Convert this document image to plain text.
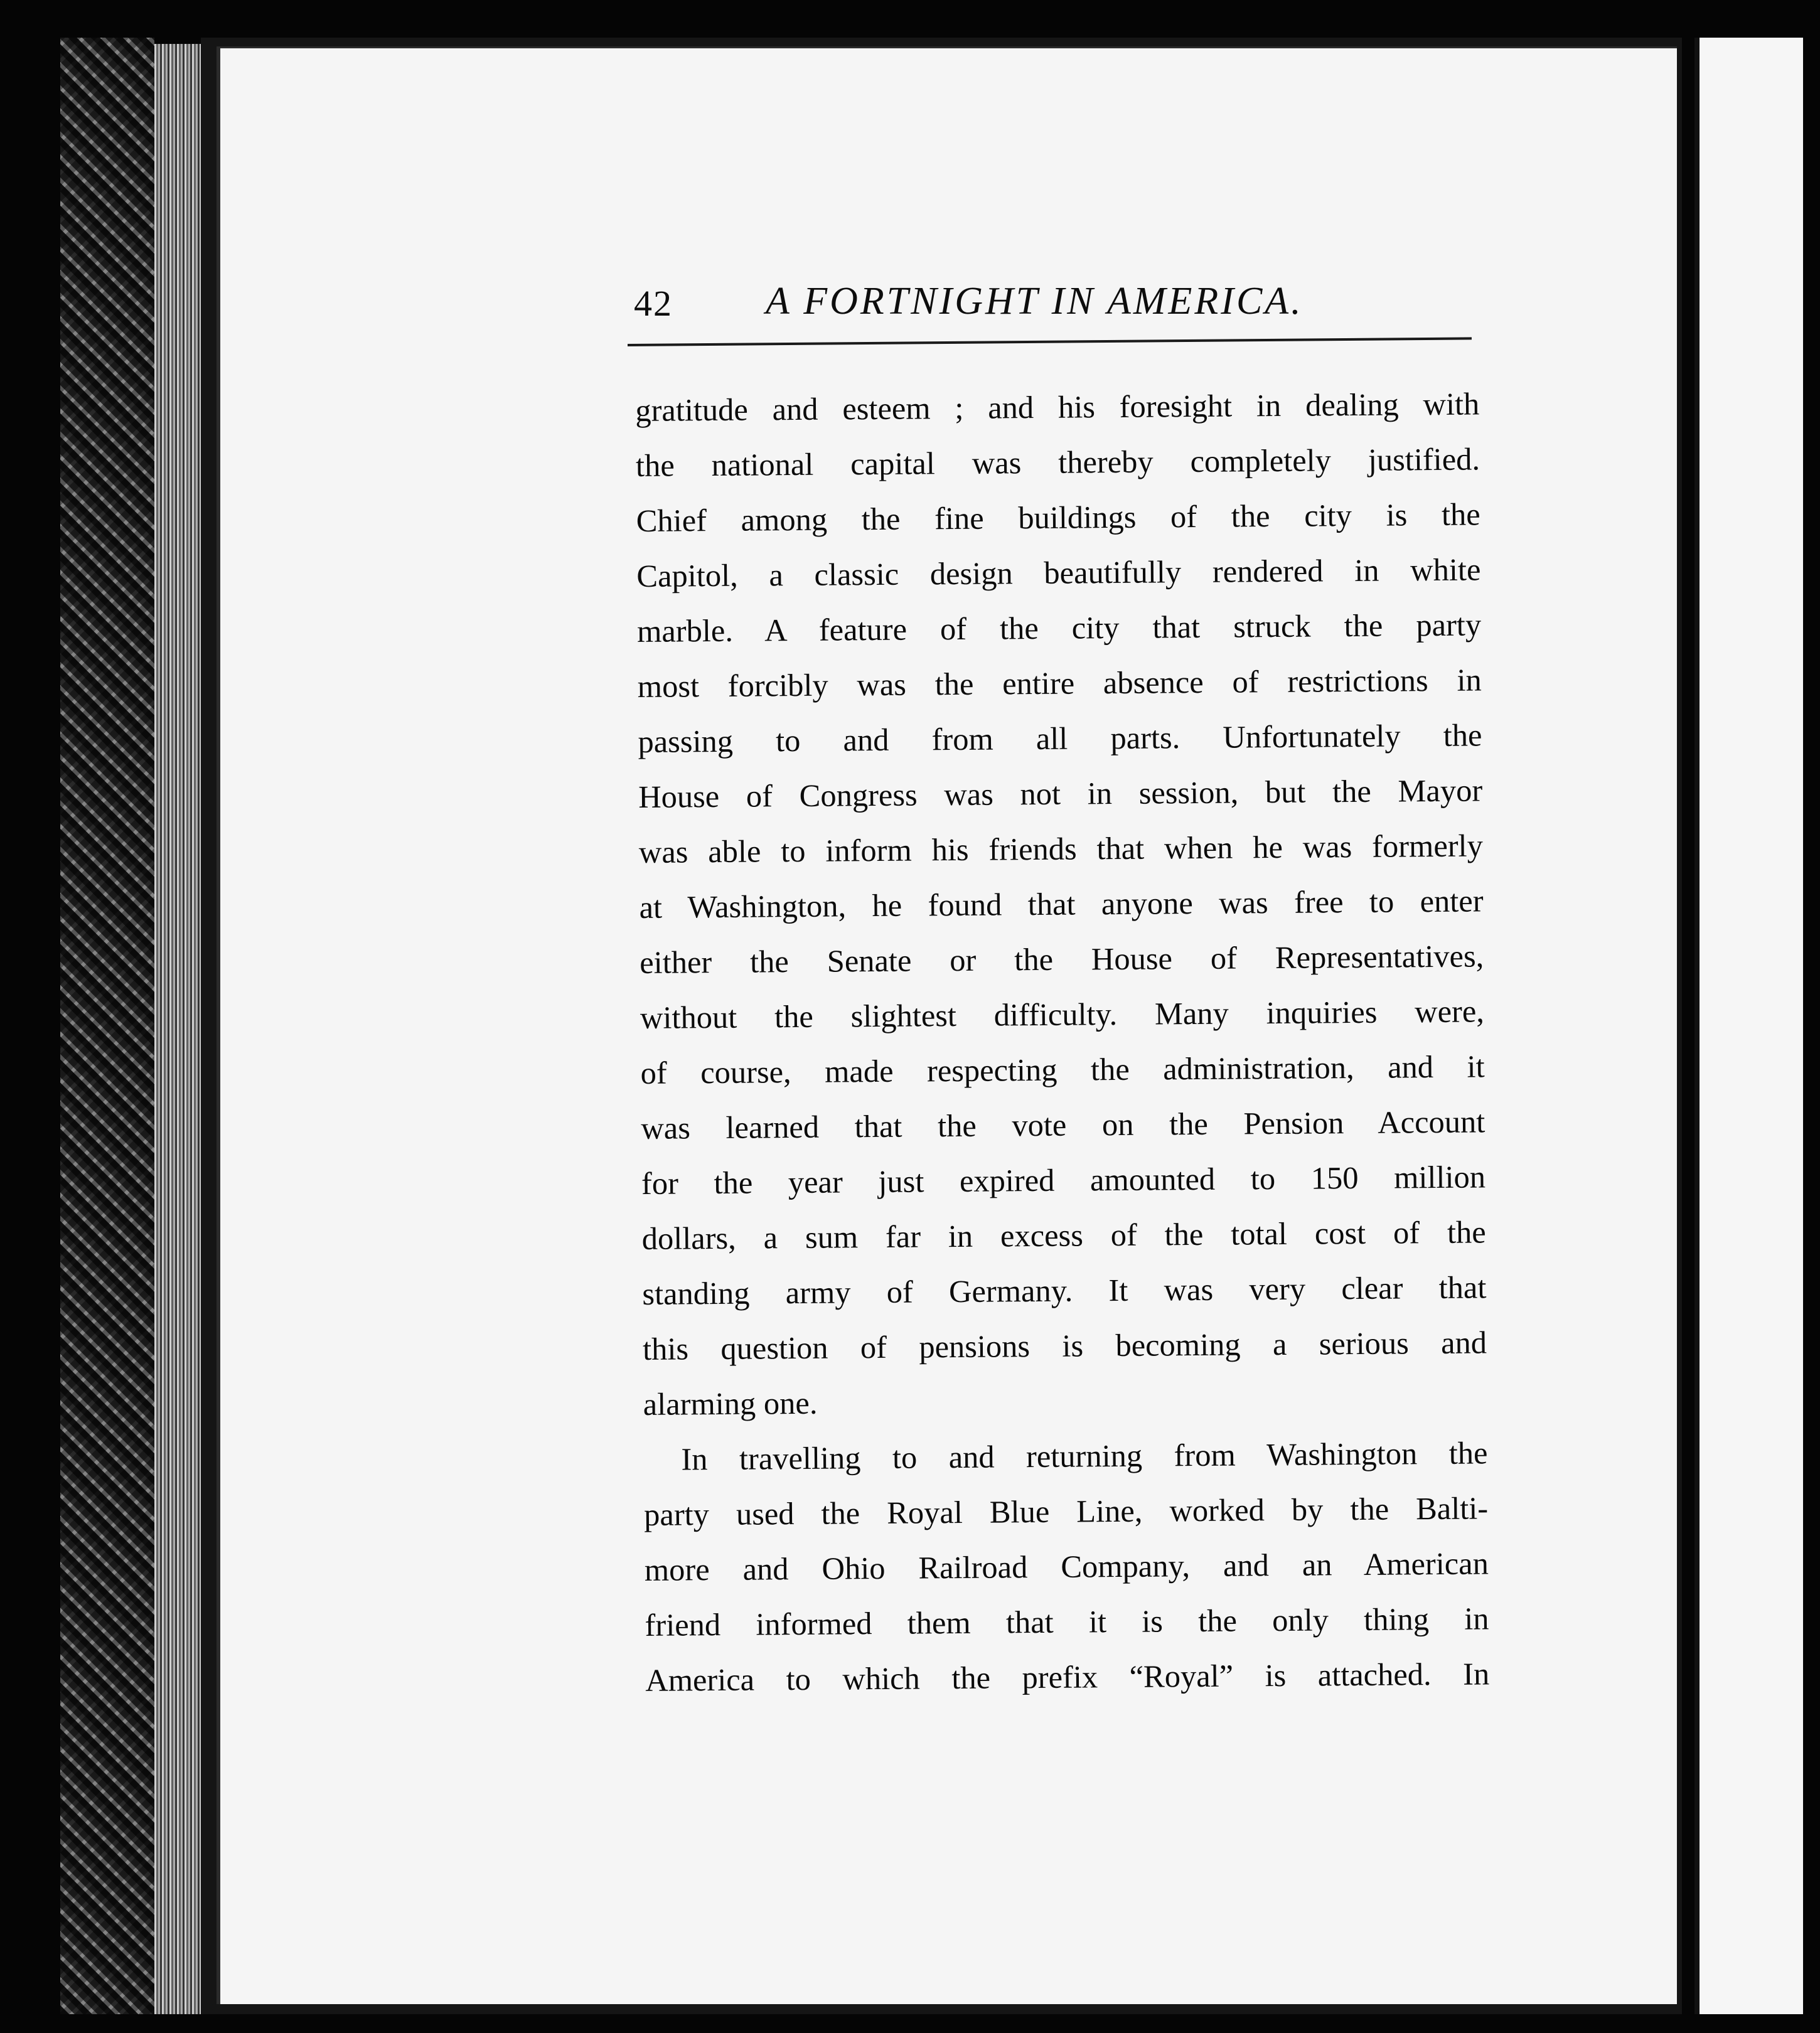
42 A FORTNIGHT IN AMERICA.
gratitude and esteem ; and his foresight in dealing with
the national capital was thereby completely justified.
Chief among the fine buildings of the city is the
Capitol, a classic design beautifully rendered in white
marble. A feature of the city that struck the party
most forcibly was the entire absence of restrictions in
passing to and from all parts. Unfortunately the
House of Congress was not in session, but the Mayor
was able to inform his friends that when he was formerly
at Washington, he found that anyone was free to enter
either the Senate or the House of Representatives,
without the slightest difficulty. Many inquiries were,
of course, made respecting the administration, and it
was learned that the vote on the Pension Account
for the year just expired amounted to 150 million
dollars, a sum far in excess of the total cost of the
standing army of Germany. It was very clear that
this question of pensions is becoming a serious and
alarming one.
In travelling to and returning from Washington the
party used the Royal Blue Line, worked by the Balti-
more and Ohio Railroad Company, and an American
friend informed them that it is the only thing in
America to which the prefix “Royal” is attached. In
